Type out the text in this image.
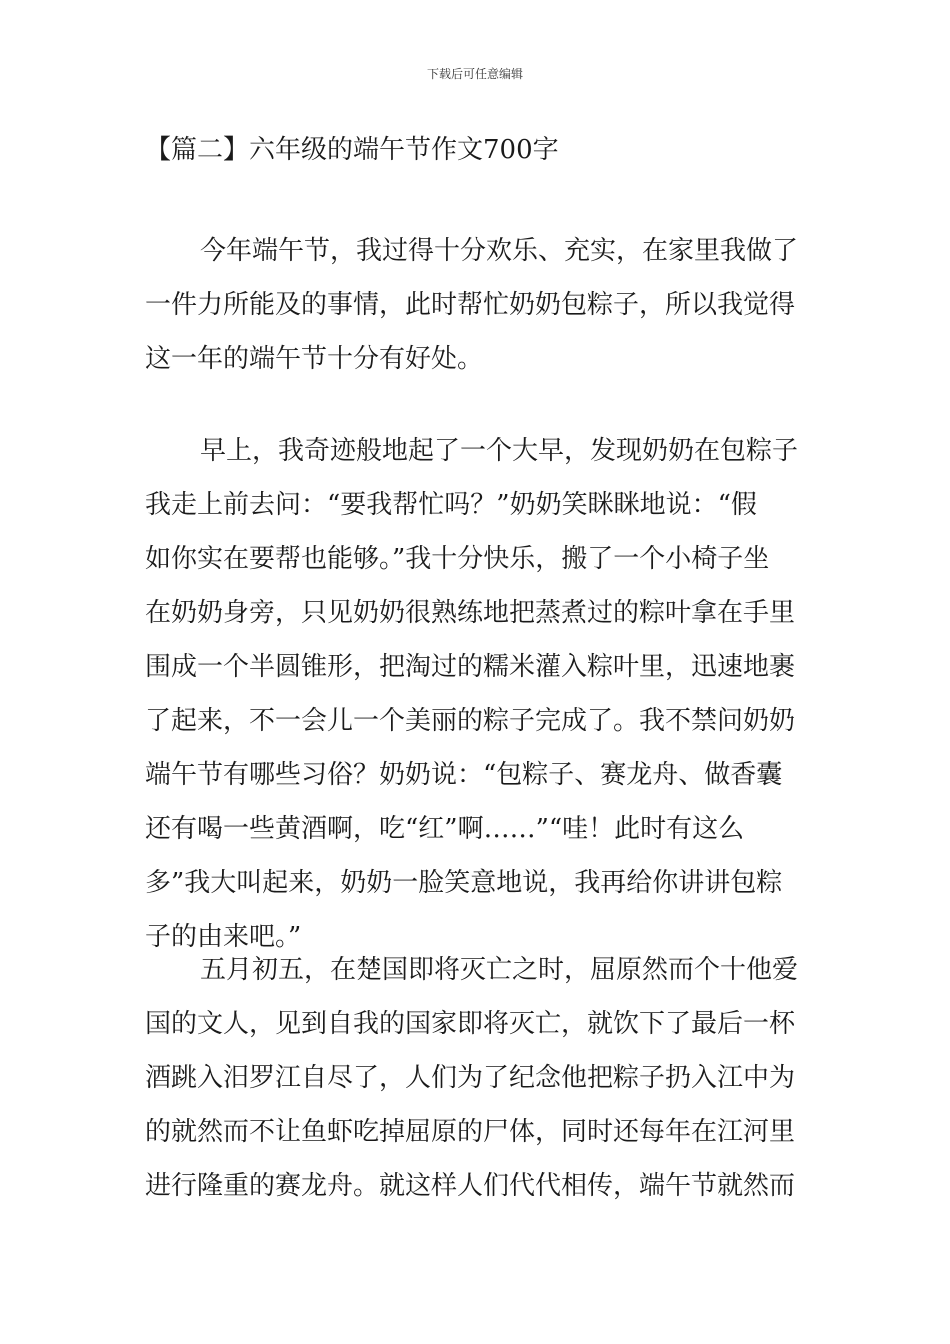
下载后可任意编辑
【篇二】六年级的端午节作文700字
今年端午节，我过得十分欢乐、充实，在家里我做了
一件力所能及的事情，此时帮忙奶奶包粽子，所以我觉得
这一年的端午节十分有好处。
早上，我奇迹般地起了一个大早，发现奶奶在包粽子
我走上前去问：“要我帮忙吗？”奶奶笑眯眯地说：“假
如你实在要帮也能够。”我十分快乐，搬了一个小椅子坐
在奶奶身旁，只见奶奶很熟练地把蒸煮过的粽叶拿在手里
围成一个半圆锥形，把淘过的糯米灌入粽叶里，迅速地裹
了起来，不一会儿一个美丽的粽子完成了。我不禁问奶奶
端午节有哪些习俗？奶奶说：“包粽子、赛龙舟、做香囊
还有喝一些黄酒啊，吃“红”啊……”“哇！此时有这么
多”我大叫起来，奶奶一脸笑意地说，我再给你讲讲包粽
子的由来吧。”
五月初五，在楚国即将灭亡之时，屈原然而个十他爱
国的文人，见到自我的国家即将灭亡，就饮下了最后一杯
酒跳入汨罗江自尽了，人们为了纪念他把粽子扔入江中为
的就然而不让鱼虾吃掉屈原的尸体，同时还每年在江河里
进行隆重的赛龙舟。就这样人们代代相传，端午节就然而
